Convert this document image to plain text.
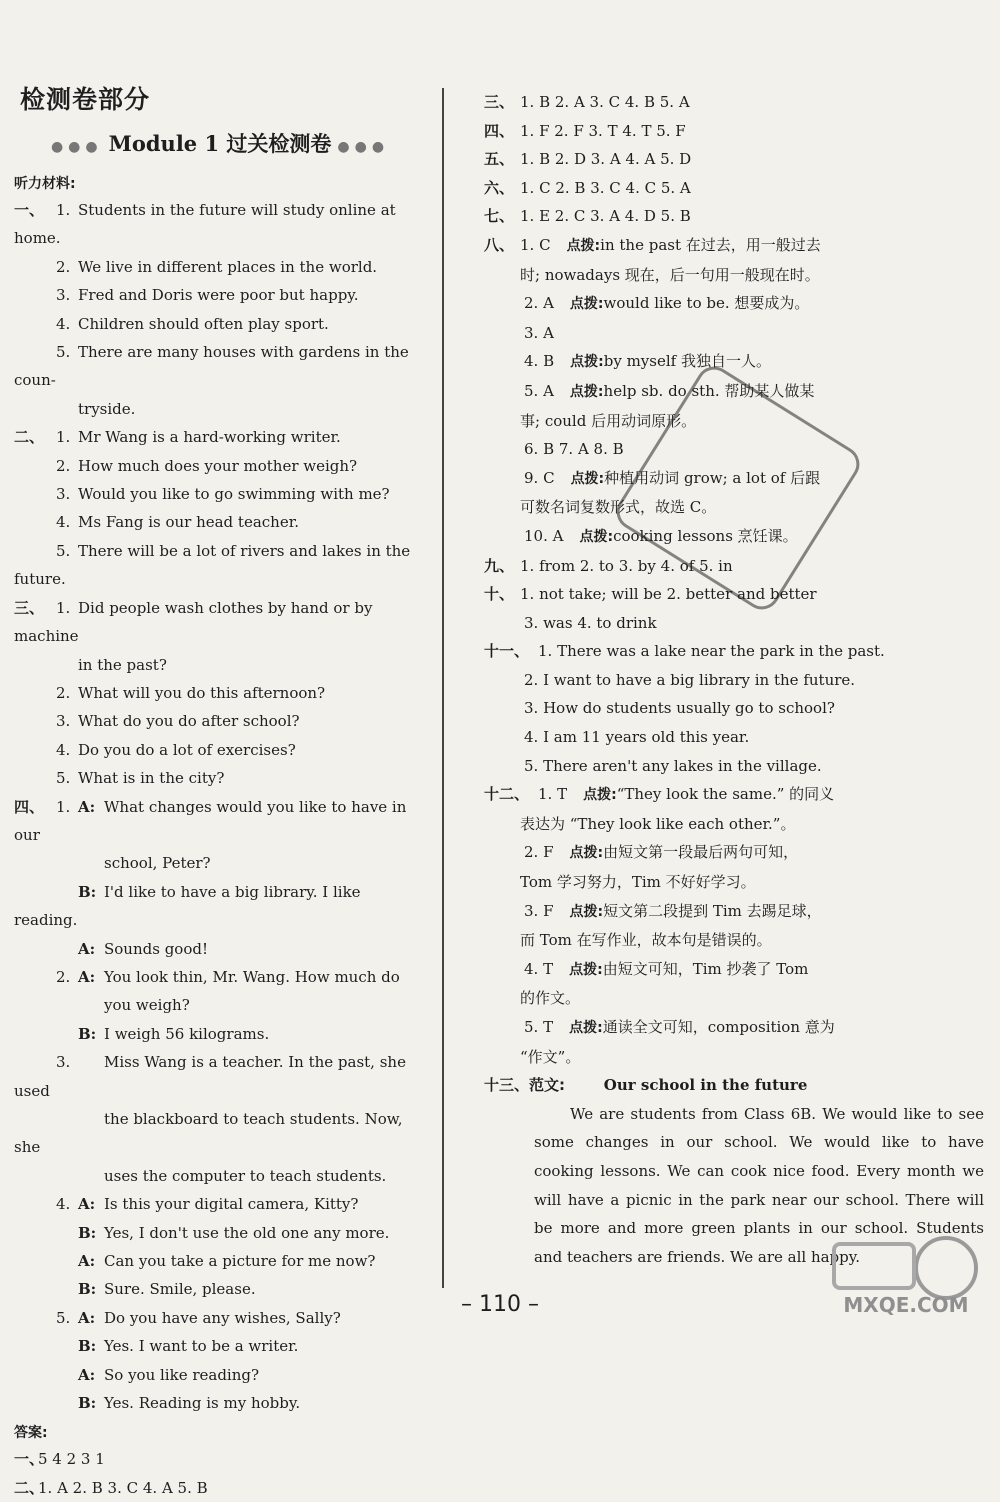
检测卷部分
●●● Module 1 过关检测卷 ●●●
听力材料:
一、 1. Students in the future will study online at home.
2. We live in different places in the world.
3. Fred and Doris were poor but happy.
4. Children should often play sport.
5. There are many houses with gardens in the coun-
tryside.
二、 1. Mr Wang is a hard-working writer.
2. How much does your mother weigh?
3. Would you like to go swimming with me?
4. Ms Fang is our head teacher.
5. There will be a lot of rivers and lakes in the future.
三、 1. Did people wash clothes by hand or by machine
in the past?
2. What will you do this afternoon?
3. What do you do after school?
4. Do you do a lot of exercises?
5. What is in the city?
四、 1. A: What changes would you like to have in our
school, Peter?
B: I'd like to have a big library. I like reading.
A: Sounds good!
2. A: You look thin, Mr. Wang. How much do
you weigh?
B: I weigh 56 kilograms.
3. Miss Wang is a teacher. In the past, she used
the blackboard to teach students. Now, she
uses the computer to teach students.
4. A: Is this your digital camera, Kitty?
B: Yes, I don't use the old one any more.
A: Can you take a picture for me now?
B: Sure. Smile, please.
5. A: Do you have any wishes, Sally?
B: Yes. I want to be a writer.
A: So you like reading?
B: Yes. Reading is my hobby.
答案:
一、5 4 2 3 1
二、1. A 2. B 3. C 4. A 5. B
三、 1. B 2. A 3. C 4. B 5. A
四、 1. F 2. F 3. T 4. T 5. F
五、 1. B 2. D 3. A 4. A 5. D
六、 1. C 2. B 3. C 4. C 5. A
七、 1. E 2. C 3. A 4. D 5. B
八、 1. C 点拨:in the past 在过去，用一般过去
时; nowadays 现在，后一句用一般现在时。
2. A 点拨:would like to be. 想要成为。
3. A
4. B 点拨:by myself 我独自一人。
5. A 点拨:help sb. do sth. 帮助某人做某
事; could 后用动词原形。
6. B 7. A 8. B
9. C 点拨:种植用动词 grow; a lot of 后跟
可数名词复数形式，故选 C。
10. A 点拨:cooking lessons 烹饪课。
九、 1. from 2. to 3. by 4. of 5. in
十、 1. not take; will be 2. better and better
3. was 4. to drink
十一、 1. There was a lake near the park in the past.
2. I want to have a big library in the future.
3. How do students usually go to school?
4. I am 11 years old this year.
5. There aren't any lakes in the village.
十二、 1. T 点拨:“They look the same.” 的同义
表达为 “They look like each other.”。
2. F 点拨:由短文第一段最后两句可知，
Tom 学习努力，Tim 不好好学习。
3. F 点拨:短文第二段提到 Tim 去踢足球，
而 Tom 在写作业，故本句是错误的。
4. T 点拨:由短文可知，Tim 抄袭了 Tom
的作文。
5. T 点拨:通读全文可知，composition 意为
“作文”。
十三、范文:	Our school in the future
We are students from Class 6B. We would like to see some changes in our school. We would like to have cooking lessons. We can cook nice food. Every month we will have a picnic in the park near our school. There will be more and more green plants in our school. Students and teachers are friends. We are all happy.
MXQE.COM
– 110 –
